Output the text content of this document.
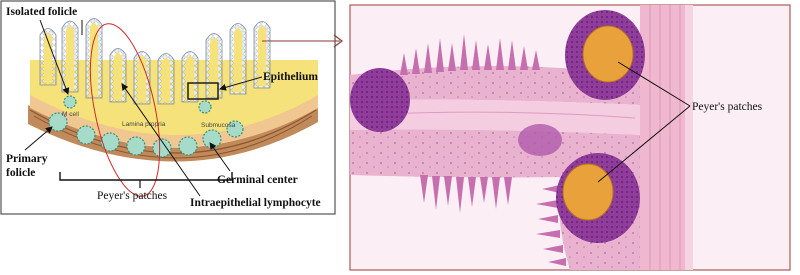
M cell
Lamina propria	Submucosa
Isolated folicle
Epithelium
Primary
folicle
Germinal center
Peyer's patches
Intraepithelial lymphocyte
Peyer's patches
